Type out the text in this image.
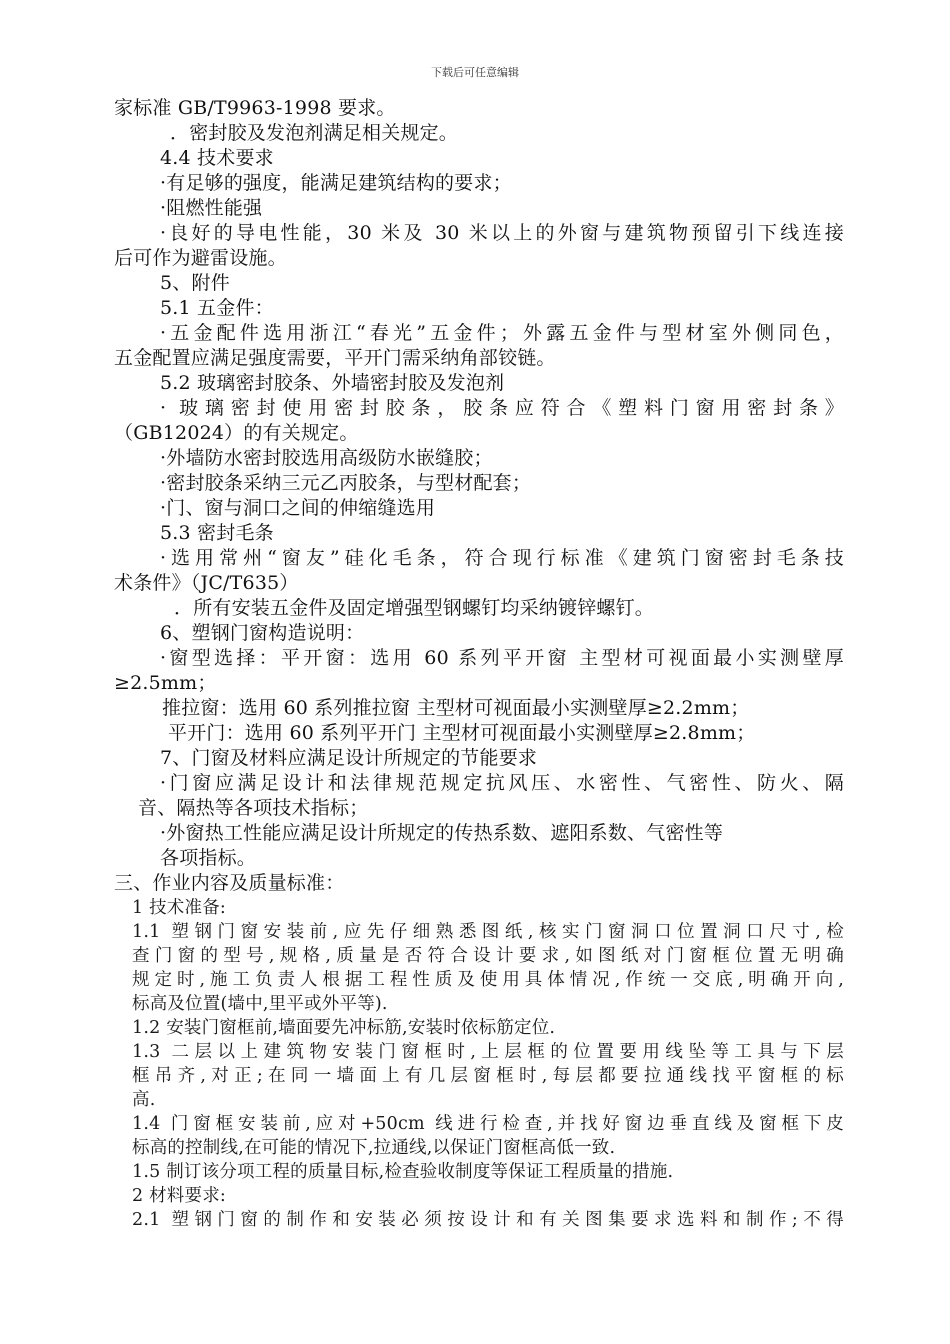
下载后可任意编辑
家标准 GB/T9963-1998 要求。
．密封胶及发泡剂满足相关规定。
4.4 技术要求
·有足够的强度，能满足建筑结构的要求；
·阻燃性能强
·良好的导电性能，30 米及 30 米以上的外窗与建筑物预留引下线连接
后可作为避雷设施。
5、附件
5.1 五金件：
·五金配件选用浙江“春光”五金件；外露五金件与型材室外侧同色，
五金配置应满足强度需要，平开门需采纳角部铰链。
5.2 玻璃密封胶条、外墙密封胶及发泡剂
· 玻璃密封使用密封胶条，胶条应符合《塑料门窗用密封条》
（GB12024）的有关规定。
·外墙防水密封胶选用高级防水嵌缝胶；
·密封胶条采纳三元乙丙胶条，与型材配套；
·门、窗与洞口之间的伸缩缝选用
5.3 密封毛条
·选用常州“窗友”硅化毛条，符合现行标准《建筑门窗密封毛条技
术条件》（JC/T635）
．所有安装五金件及固定增强型钢螺钉均采纳镀锌螺钉。
6、塑钢门窗构造说明：
·窗型选择：平开窗：选用 60 系列平开窗 主型材可视面最小实测壁厚
≥2.5mm；
推拉窗：选用 60 系列推拉窗 主型材可视面最小实测壁厚≥2.2mm；
平开门：选用 60 系列平开门 主型材可视面最小实测壁厚≥2.8mm；
7、门窗及材料应满足设计所规定的节能要求
·门窗应满足设计和法律规范规定抗风压、水密性、气密性、防火、隔
音、隔热等各项技术指标；
·外窗热工性能应满足设计所规定的传热系数、遮阳系数、气密性等
各项指标。
三、作业内容及质量标准：
1 技术准备:
1.1 塑钢门窗安装前,应先仔细熟悉图纸,核实门窗洞口位置洞口尺寸,检
查门窗的型号,规格,质量是否符合设计要求,如图纸对门窗框位置无明确
规定时,施工负责人根据工程性质及使用具体情况,作统一交底,明确开向,
标高及位置(墙中,里平或外平等).
1.2 安装门窗框前,墙面要先冲标筋,安装时依标筋定位.
1.3 二层以上建筑物安装门窗框时,上层框的位置要用线坠等工具与下层
框吊齐,对正;在同一墙面上有几层窗框时,每层都要拉通线找平窗框的标
高.
1.4 门窗框安装前,应对+50cm 线进行检查,并找好窗边垂直线及窗框下皮
标高的控制线,在可能的情况下,拉通线,以保证门窗框高低一致.
1.5 制订该分项工程的质量目标,检查验收制度等保证工程质量的措施.
2 材料要求:
2.1 塑钢门窗的制作和安装必须按设计和有关图集要求选料和制作;不得
